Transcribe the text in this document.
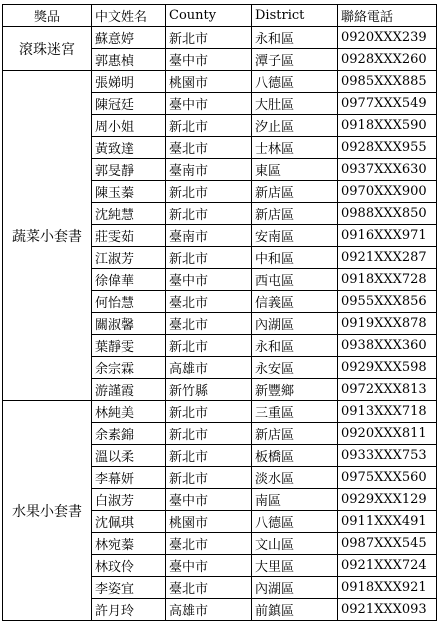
獎品	中文姓名	County	District	聯絡電話
滾珠迷宮	蘇意婷	新北市	永和區	0920XXX239
	郭惠楨	臺中市	潭子區	0928XXX260
蔬菜小套書	張娣明	桃園市	八德區	0985XXX885
	陳冠廷	臺中市	大肚區	0977XXX549
	周小姐	新北市	汐止區	0918XXX590
	黃致達	臺北市	士林區	0928XXX955
	郭旻靜	臺南市	東區	0937XXX630
	陳玉蓁	新北市	新店區	0970XXX900
	沈純慧	新北市	新店區	0988XXX850
	莊雯茹	臺南市	安南區	0916XXX971
	江淑芳	新北市	中和區	0921XXX287
	徐偉華	臺中市	西屯區	0918XXX728
	何怡慧	臺北市	信義區	0955XXX856
	關淑馨	臺北市	內湖區	0919XXX878
	葉靜雯	新北市	永和區	0938XXX360
	余宗霖	高雄市	永安區	0929XXX598
	游謹霞	新竹縣	新豐鄉	0972XXX813
水果小套書	林純美	新北市	三重區	0913XXX718
	余素錦	新北市	新店區	0920XXX811
	溫以柔	新北市	板橋區	0933XXX753
	李幕妍	新北市	淡水區	0975XXX560
	白淑芳	臺中市	南區	0929XXX129
	沈佩琪	桃園市	八德區	0911XXX491
	林宛蓁	臺北市	文山區	0987XXX545
	林玟伶	臺中市	大里區	0921XXX724
	李姿宜	臺北市	內湖區	0918XXX921
	許月玲	高雄市	前鎮區	0921XXX093
